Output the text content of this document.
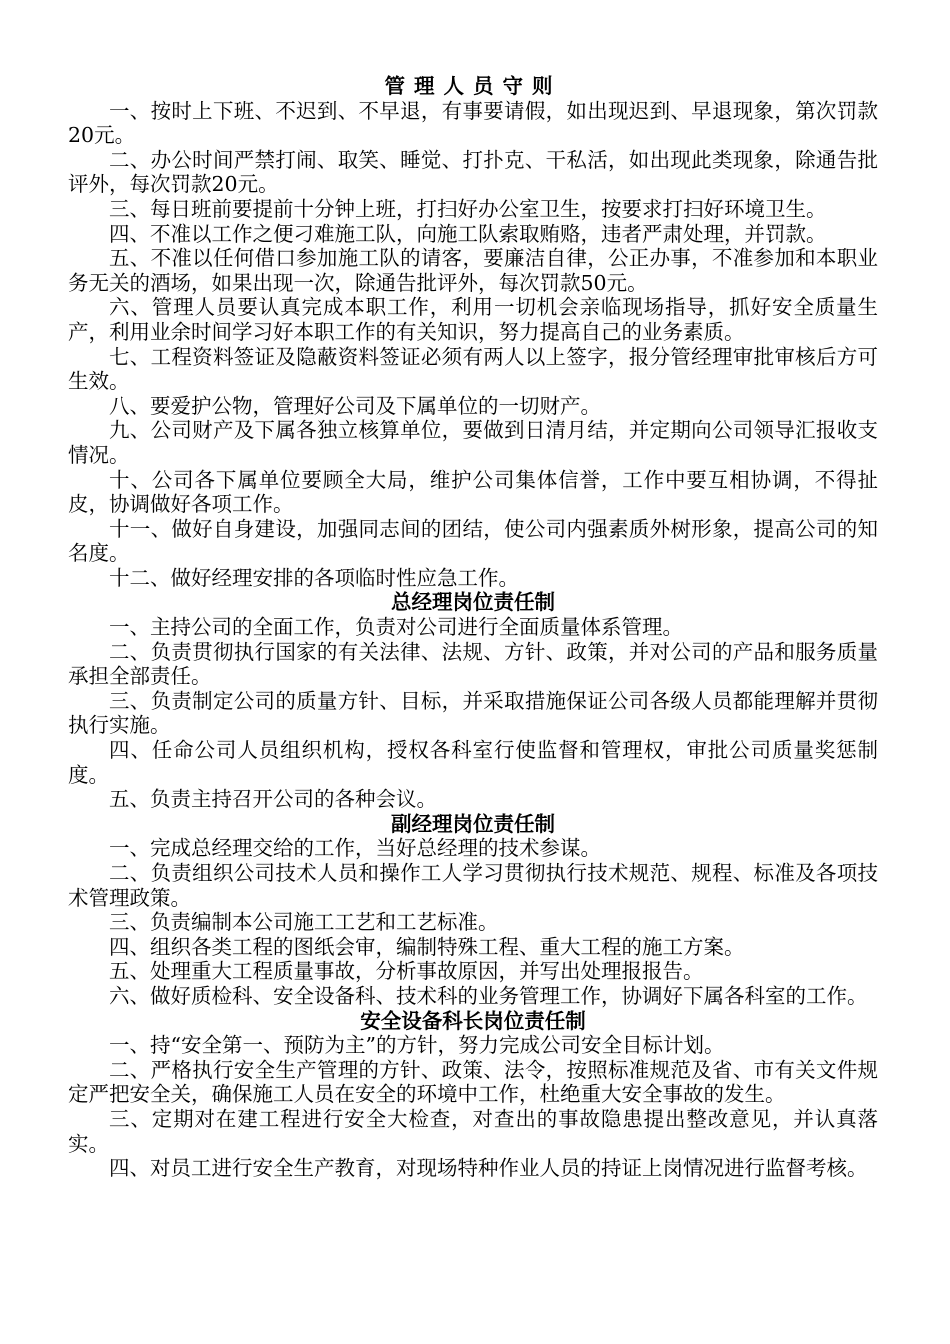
管理人员守则

一、按时上下班、不迟到、不早退，有事要请假，如出现迟到、早退现象，第次罚款20元。

二、办公时间严禁打闹、取笑、睡觉、打扑克、干私活，如出现此类现象，除通告批评外，每次罚款20元。

三、每日班前要提前十分钟上班，打扫好办公室卫生，按要求打扫好环境卫生。

四、不准以工作之便刁难施工队，向施工队索取贿赂，违者严肃处理，并罚款。

五、不准以任何借口参加施工队的请客，要廉洁自律，公正办事，不准参加和本职业务无关的酒场，如果出现一次，除通告批评外，每次罚款50元。

六、管理人员要认真完成本职工作，利用一切机会亲临现场指导，抓好安全质量生产，利用业余时间学习好本职工作的有关知识，努力提高自己的业务素质。

七、工程资料签证及隐蔽资料签证必须有两人以上签字，报分管经理审批审核后方可生效。

八、要爱护公物，管理好公司及下属单位的一切财产。

九、公司财产及下属各独立核算单位，要做到日清月结，并定期向公司领导汇报收支情况。

十、公司各下属单位要顾全大局，维护公司集体信誉，工作中要互相协调，不得扯皮，协调做好各项工作。

十一、做好自身建设，加强同志间的团结，使公司内强素质外树形象，提高公司的知名度。

十二、做好经理安排的各项临时性应急工作。

总经理岗位责任制

一、主持公司的全面工作，负责对公司进行全面质量体系管理。

二、负责贯彻执行国家的有关法律、法规、方针、政策，并对公司的产品和服务质量承担全部责任。

三、负责制定公司的质量方针、目标，并采取措施保证公司各级人员都能理解并贯彻执行实施。

四、任命公司人员组织机构，授权各科室行使监督和管理权，审批公司质量奖惩制度。

五、负责主持召开公司的各种会议。

副经理岗位责任制

一、完成总经理交给的工作，当好总经理的技术参谋。

二、负责组织公司技术人员和操作工人学习贯彻执行技术规范、规程、标准及各项技术管理政策。

三、负责编制本公司施工工艺和工艺标准。

四、组织各类工程的图纸会审，编制特殊工程、重大工程的施工方案。

五、处理重大工程质量事故，分析事故原因，并写出处理报报告。

六、做好质检科、安全设备科、技术科的业务管理工作，协调好下属各科室的工作。

安全设备科长岗位责任制

一、持“安全第一、预防为主”的方针，努力完成公司安全目标计划。

二、严格执行安全生产管理的方针、政策、法令，按照标准规范及省、市有关文件规定严把安全关，确保施工人员在安全的环境中工作，杜绝重大安全事故的发生。

三、定期对在建工程进行安全大检查，对查出的事故隐患提出整改意见，并认真落实。

四、对员工进行安全生产教育，对现场特种作业人员的持证上岗情况进行监督考核。
